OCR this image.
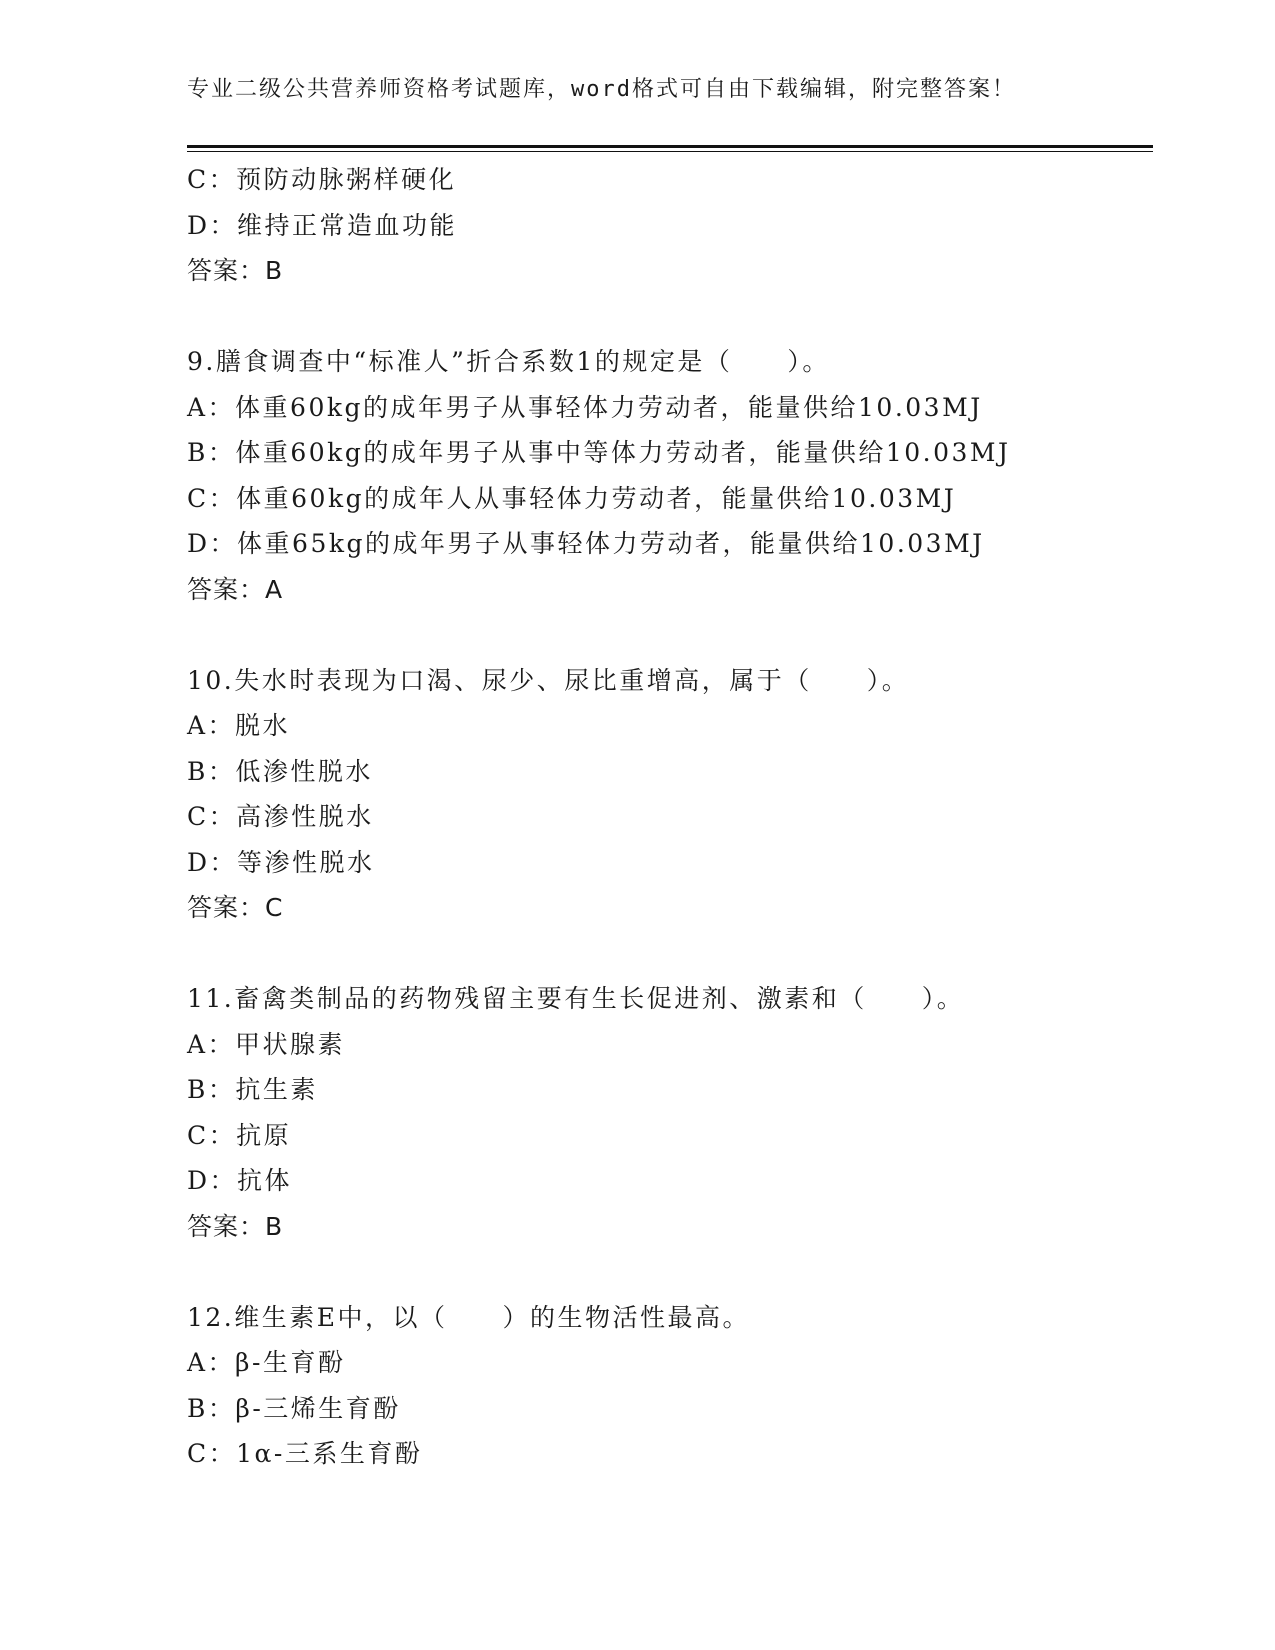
专业二级公共营养师资格考试题库，word格式可自由下载编辑，附完整答案！
C：预防动脉粥样硬化
D：维持正常造血功能
答案：B
9.膳食调查中“标准人”折合系数1的规定是（　　）。
A：体重60kg的成年男子从事轻体力劳动者，能量供给10.03MJ
B：体重60kg的成年男子从事中等体力劳动者，能量供给10.03MJ
C：体重60kg的成年人从事轻体力劳动者，能量供给10.03MJ
D：体重65kg的成年男子从事轻体力劳动者，能量供给10.03MJ
答案：A
10.失水时表现为口渴、尿少、尿比重增高，属于（　　）。
A：脱水
B：低渗性脱水
C：高渗性脱水
D：等渗性脱水
答案：C
11.畜禽类制品的药物残留主要有生长促进剂、激素和（　　）。
A：甲状腺素
B：抗生素
C：抗原
D：抗体
答案：B
12.维生素E中，以（　　）的生物活性最高。
A：β-生育酚
B：β-三烯生育酚
C：1α-三系生育酚
